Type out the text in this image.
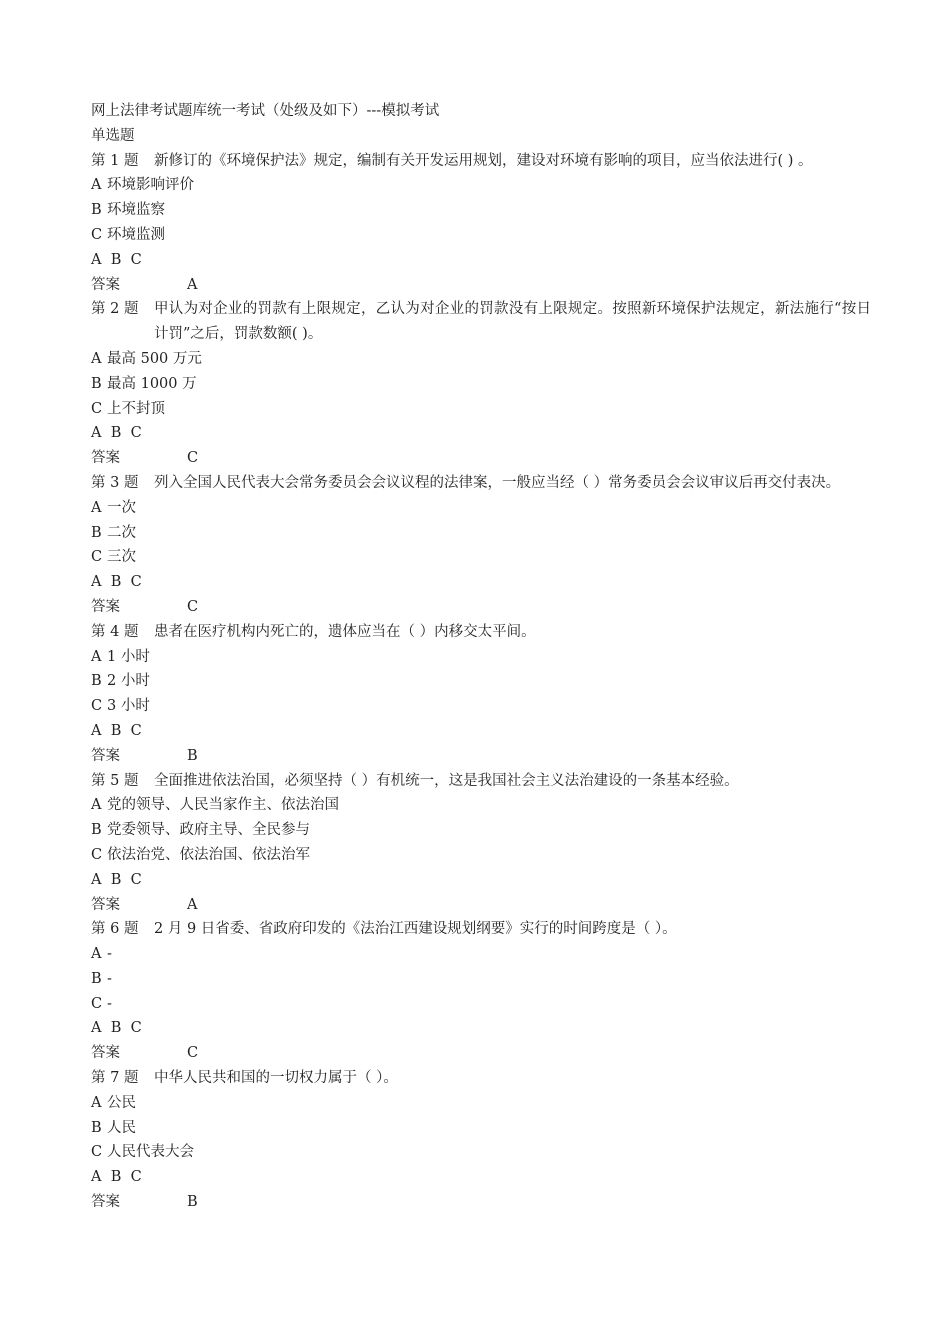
网上法律考试题库统一考试（处级及如下）---模拟考试
单选题
第 1 题	新修订的《环境保护法》规定，编制有关开发运用规划，建设对环境有影响的项目，应当依法进行( ) 。
A 环境影响评价
B 环境监察
C 环境监测
A  B  C
答案	A
第 2 题	甲认为对企业的罚款有上限规定，乙认为对企业的罚款没有上限规定。按照新环境保护法规定，新法施行“按日计罚”之后，罚款数额( )。
A 最高 500 万元
B 最高 1000 万
C 上不封顶
A  B  C
答案	C
第 3 题	列入全国人民代表大会常务委员会会议议程的法律案，一般应当经（ ）常务委员会会议审议后再交付表决。
A 一次
B 二次
C 三次
A  B  C
答案	C
第 4 题	患者在医疗机构内死亡的，遗体应当在（ ）内移交太平间。
A 1 小时
B 2 小时
C 3 小时
A  B  C
答案	B
第 5 题	全面推进依法治国，必须坚持（ ）有机统一，这是我国社会主义法治建设的一条基本经验。
A 党的领导、人民当家作主、依法治国
B 党委领导、政府主导、全民参与
C 依法治党、依法治国、依法治军
A  B  C
答案	A
第 6 题	2 月 9 日省委、省政府印发的《法治江西建设规划纲要》实行的时间跨度是（ ）。
A -
B -
C -
A  B  C
答案	C
第 7 题	中华人民共和国的一切权力属于（ ）。
A 公民
B 人民
C 人民代表大会
A  B  C
答案	B
